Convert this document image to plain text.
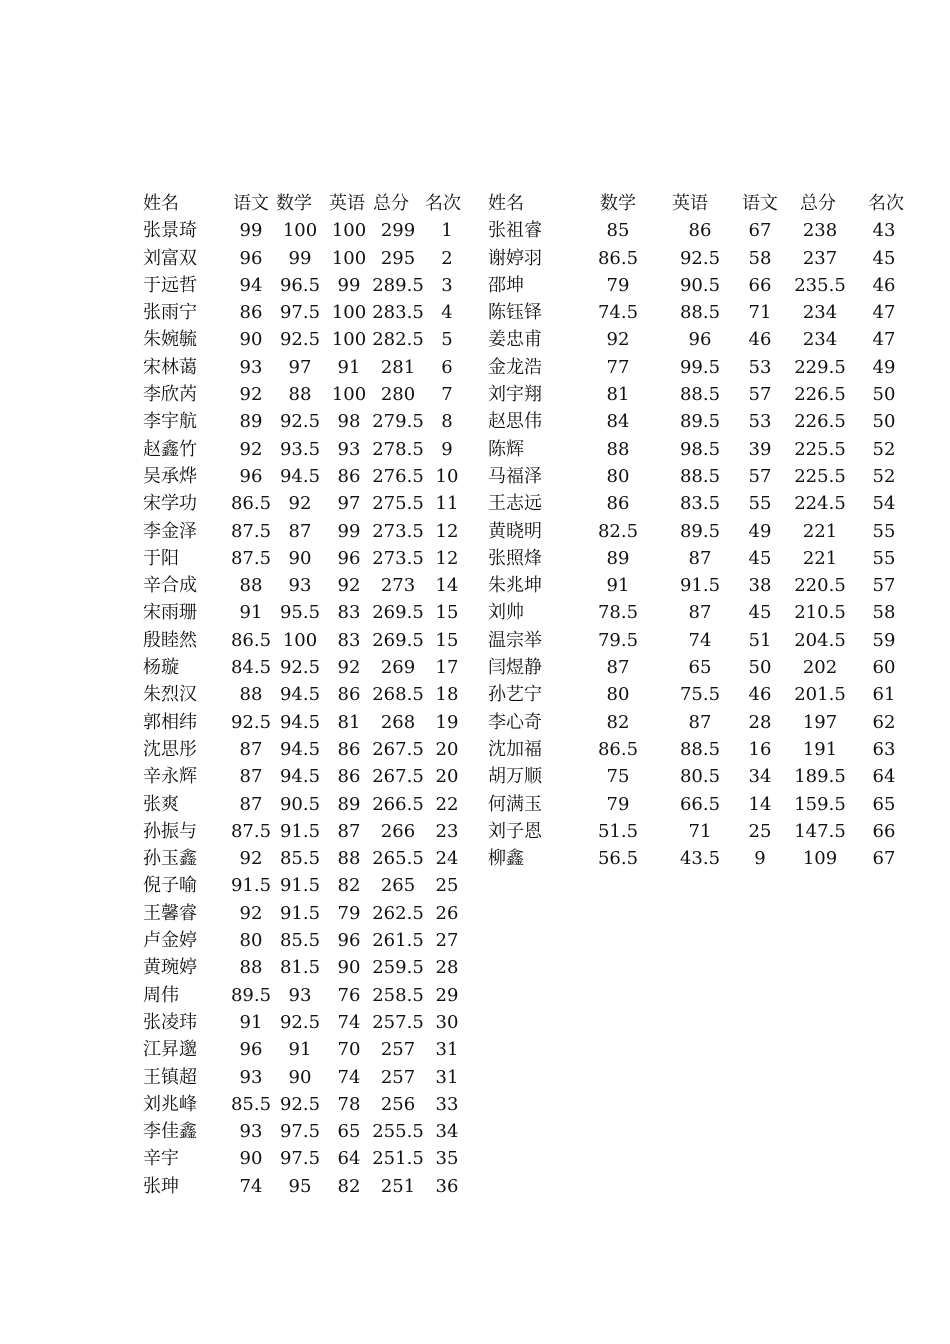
姓名	语文	数学	英语	总分	名次
张景琦	99	100	100	299	1
刘富双	96	99	100	295	2
于远哲	94	96.5	99	289.5	3
张雨宁	86	97.5	100	283.5	4
朱婉毓	90	92.5	100	282.5	5
宋林蔼	93	97	91	281	6
李欣芮	92	88	100	280	7
李宇航	89	92.5	98	279.5	8
赵鑫竹	92	93.5	93	278.5	9
吴承烨	96	94.5	86	276.5	10
宋学功	86.5	92	97	275.5	11
李金泽	87.5	87	99	273.5	12
于阳	87.5	90	96	273.5	12
辛合成	88	93	92	273	14
宋雨珊	91	95.5	83	269.5	15
殷睦然	86.5	100	83	269.5	15
杨璇	84.5	92.5	92	269	17
朱烈汉	88	94.5	86	268.5	18
郭相纬	92.5	94.5	81	268	19
沈思彤	87	94.5	86	267.5	20
辛永辉	87	94.5	86	267.5	20
张爽	87	90.5	89	266.5	22
孙振与	87.5	91.5	87	266	23
孙玉鑫	92	85.5	88	265.5	24
倪子喻	91.5	91.5	82	265	25
王馨睿	92	91.5	79	262.5	26
卢金婷	80	85.5	96	261.5	27
黄琬婷	88	81.5	90	259.5	28
周伟	89.5	93	76	258.5	29
张凌玮	91	92.5	74	257.5	30
江昇邈	96	91	70	257	31
王镇超	93	90	74	257	31
刘兆峰	85.5	92.5	78	256	33
李佳鑫	93	97.5	65	255.5	34
辛宇	90	97.5	64	251.5	35
张珅	74	95	82	251	36
姓名	数学	英语	语文	总分	名次
张祖睿	85	86	67	238	43
谢婷羽	86.5	92.5	58	237	45
邵坤	79	90.5	66	235.5	46
陈钰铎	74.5	88.5	71	234	47
姜忠甫	92	96	46	234	47
金龙浩	77	99.5	53	229.5	49
刘宇翔	81	88.5	57	226.5	50
赵思伟	84	89.5	53	226.5	50
陈辉	88	98.5	39	225.5	52
马福泽	80	88.5	57	225.5	52
王志远	86	83.5	55	224.5	54
黄晓明	82.5	89.5	49	221	55
张照烽	89	87	45	221	55
朱兆坤	91	91.5	38	220.5	57
刘帅	78.5	87	45	210.5	58
温宗举	79.5	74	51	204.5	59
闫煜静	87	65	50	202	60
孙艺宁	80	75.5	46	201.5	61
李心奇	82	87	28	197	62
沈加福	86.5	88.5	16	191	63
胡万顺	75	80.5	34	189.5	64
何满玉	79	66.5	14	159.5	65
刘子恩	51.5	71	25	147.5	66
柳鑫	56.5	43.5	9	109	67
